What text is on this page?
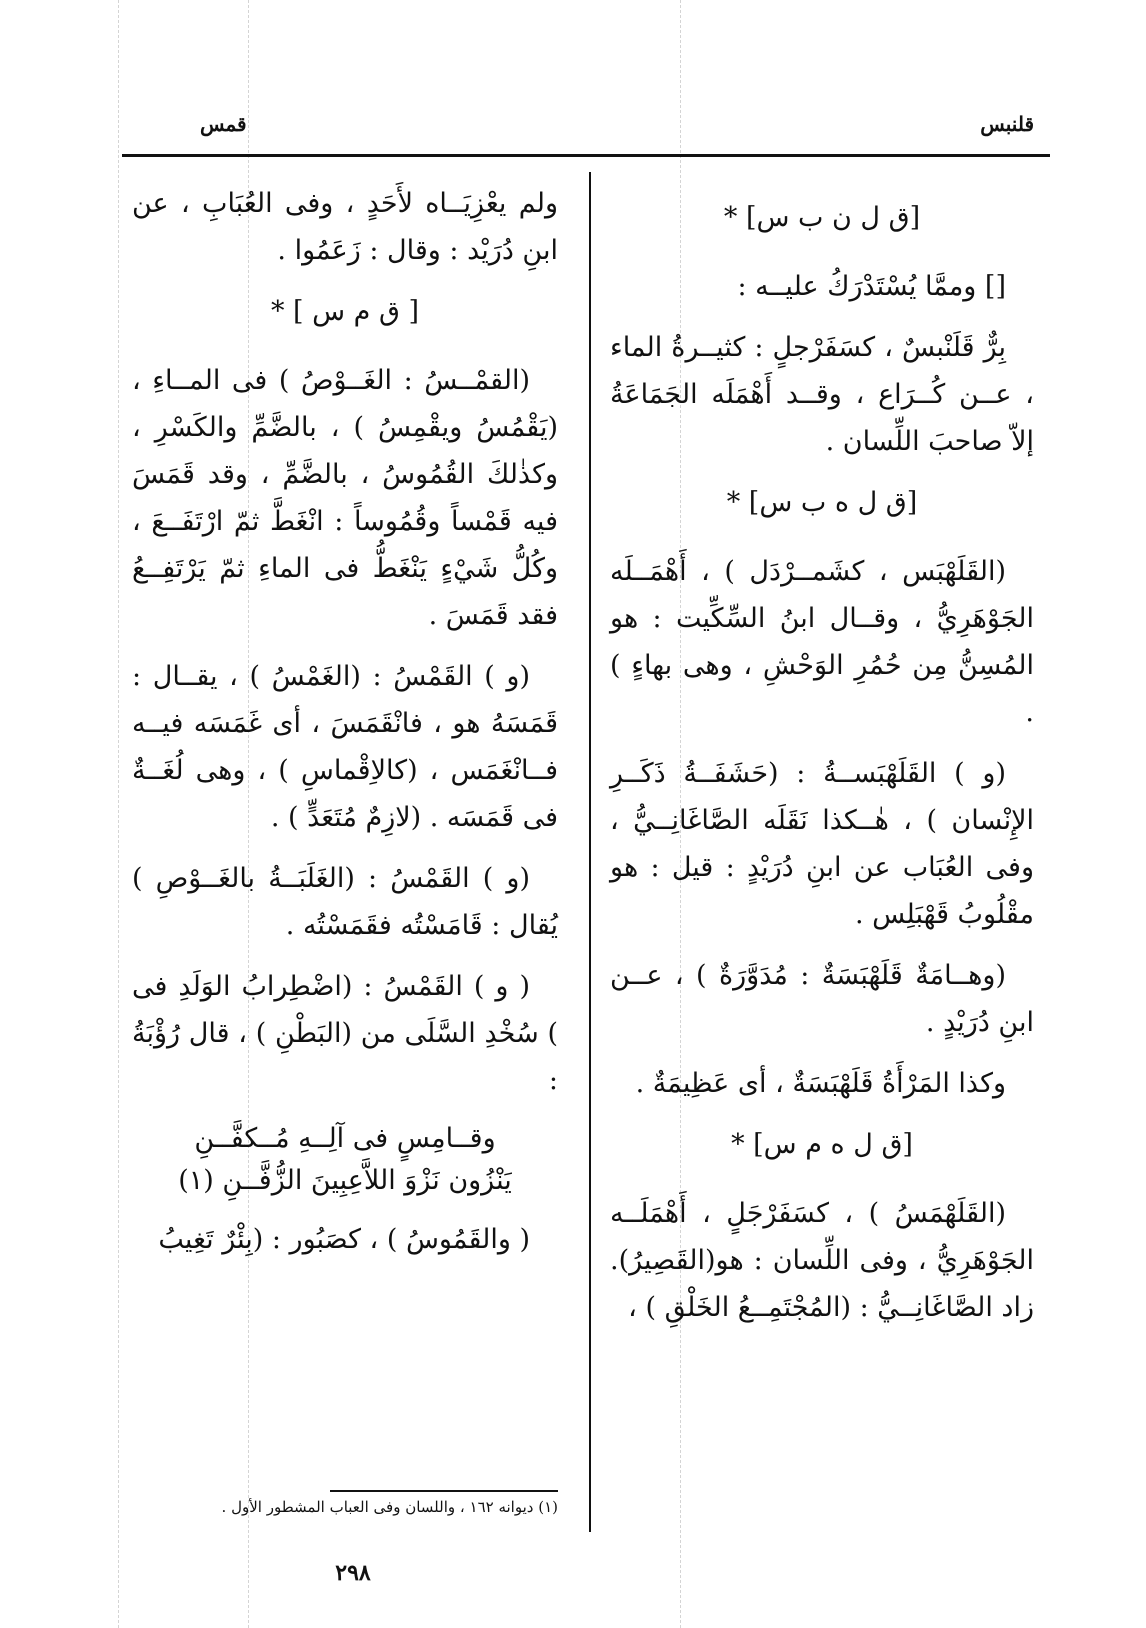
قلنبس
قمس

[ق ل ن ب س] *

[] وممَّا يُسْتَدْرَكُ عليــه :

بِرٌّ قَلَنْبسٌ ، كسَفَرْجلٍ : كثيــرةُ الماء ، عــن كُــرَاع ، وقــد أَهْمَلَه الجَمَاعَةُ إلاّ صاحبَ اللِّسان .

[ق ل ه ب س] *

(القَلَهْبَس ، كشَمــرْدَل ) ، أَهْمَــلَه الجَوْهَرِيُّ ، وقــال ابنُ السِّكِّيت : هو المُسِنُّ مِن حُمُرِ الوَحْشِ ، وهى بهاءٍ ) .

(و ) القَلَهْبَســةُ : (حَشَفَــةُ ذَكَــرِ الإِنْسان ) ، هٰــكذا نَقَلَه الصَّاغَانِــيُّ ، وفى العُبَاب عن ابنِ دُرَيْدٍ : قيل : هو مقْلُوبُ قَهْبَلِس .

(وهــامَةٌ قَلَهْبَسَةٌ : مُدَوَّرَةٌ ) ، عــن ابنِ دُرَيْدٍ .

وكذا المَرْأَةُ قَلَهْبَسَةٌ ، أى عَظِيمَةٌ .

[ق ل ه م س] *

(القَلَهْمَسُ ) ، كسَفَرْجَلٍ ، أَهْمَلَــه الجَوْهَرِيُّ ، وفى اللِّسان : هو(القَصِيرُ). زاد الصَّاغَانِــيُّ : (المُجْتَمِــعُ الخَلْقِ ) ،

ولم يعْزِيَــاه لأَحَدٍ ، وفى العُبَابِ ، عن ابنِ دُرَيْد : وقال : زَعَمُوا .

[ ق م س ] *

(القمْــسُ : الغَــوْصُ ) فى المــاءِ ، (يَقْمُسُ ويقْمِسُ ) ، بالضَّمِّ والكَسْرِ ، وكذٰلكَ القُمُوسُ ، بالضَّمِّ ، وقد قَمَسَ فيه قَمْساً وقُمُوساً : انْغَطَّ ثمّ ارْتَفَــعَ ، وكُلُّ شَيْءٍ يَنْغَطُّ فى الماءِ ثمّ يَرْتَفِــعُ فقد قَمَسَ .

(و ) القَمْسُ : (الغَمْسُ ) ، يقــال : قَمَسَهُ هو ، فانْقَمَسَ ، أى غَمَسَه فيــه فــانْغَمَس ، (كالاِقْماسِ ) ، وهى لُغَــةٌ فى قَمَسَه . (لازِمٌ مُتَعَدٍّ ) .

(و ) القَمْسُ : (الغَلَبَــةُ بالغَــوْصِ ) يُقال : قَامَسْتُه فقَمَسْتُه .

( و ) القَمْسُ : (اضْطِرابُ الوَلَدِ فى ) سُخْدِ السَّلَى من (البَطْنِ ) ، قال رُؤْبَةُ :

وقــامِسٍ فى آلِــهِ مُــكفَّــنِ
يَنْزُون نَزْوَ اللاَّعِبِينَ الزُّفَّــنِ (١)

( والقَمُوسُ ) ، كصَبُور : (بِئْرٌ تَغِيبُ

(١) ديوانه ١٦٢ ، واللسان وفى العباب المشطور الأول .
٢٩٨
